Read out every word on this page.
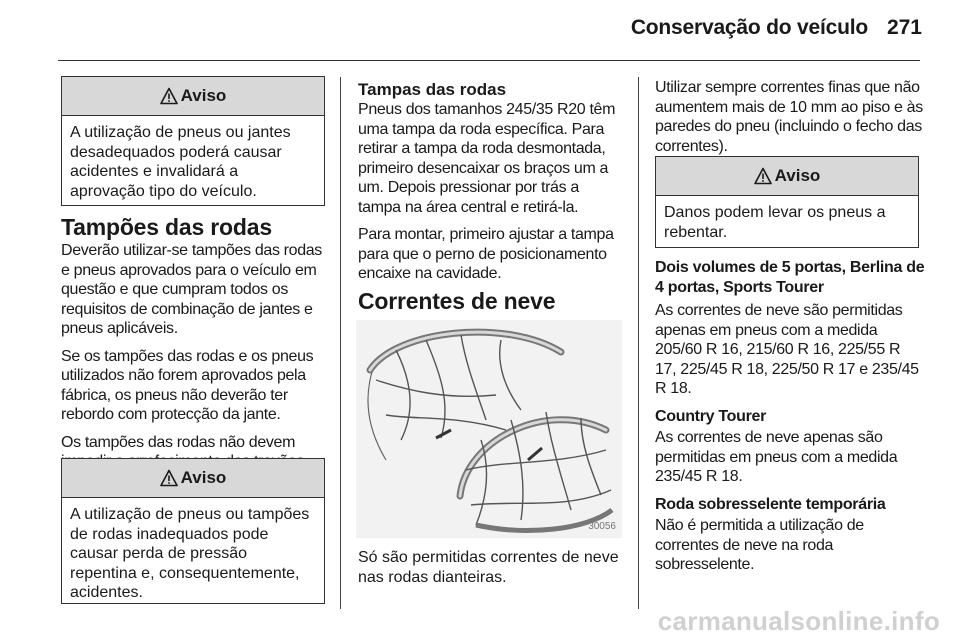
Conservação do veículo 271
Aviso
A utilização de pneus ou jantes desadequados poderá causar acidentes e invalidará a aprovação tipo do veículo.
Tampões das rodas

Deverão utilizar-se tampões das rodas e pneus aprovados para o veículo em questão e que cumpram todos os requisitos de combinação de jantes e pneus aplicáveis.

Se os tampões das rodas e os pneus utilizados não forem aprovados pela fábrica, os pneus não deverão ter rebordo com protecção da jante.

Os tampões das rodas não devem

Aviso
A utilização de pneus ou tampões de rodas inadequados pode causar perda de pressão repentina e, consequentemente, acidentes.
Tampas das rodas

Pneus dos tamanhos 245/35 R20 têm uma tampa da roda específica. Para retirar a tampa da roda desmontada, primeiro desencaixar os braços um a um. Depois pressionar por trás a tampa na área central e retirá-la.

Para montar, primeiro ajustar a tampa para que o perno de posicionamento encaixe na cavidade.

Correntes de neve
30056

Só são permitidas correntes de neve nas rodas dianteiras.

Utilizar sempre correntes finas que não aumentem mais de 10 mm ao piso e às paredes do pneu (incluindo o fecho das correntes).

Aviso
Danos podem levar os pneus a rebentar.

Dois volumes de 5 portas, Berlina de 4 portas, Sports Tourer

As correntes de neve são permitidas apenas em pneus com a medida 205/60 R 16, 215/60 R 16, 225/55 R 17, 225/45 R 18, 225/50 R 17 e 235/45 R 18.

Country Tourer

As correntes de neve apenas são permitidas em pneus com a medida 235/45 R 18.

Roda sobresselente temporária

Não é permitida a utilização de correntes de neve na roda sobresselente.

carmanualsonline.info
